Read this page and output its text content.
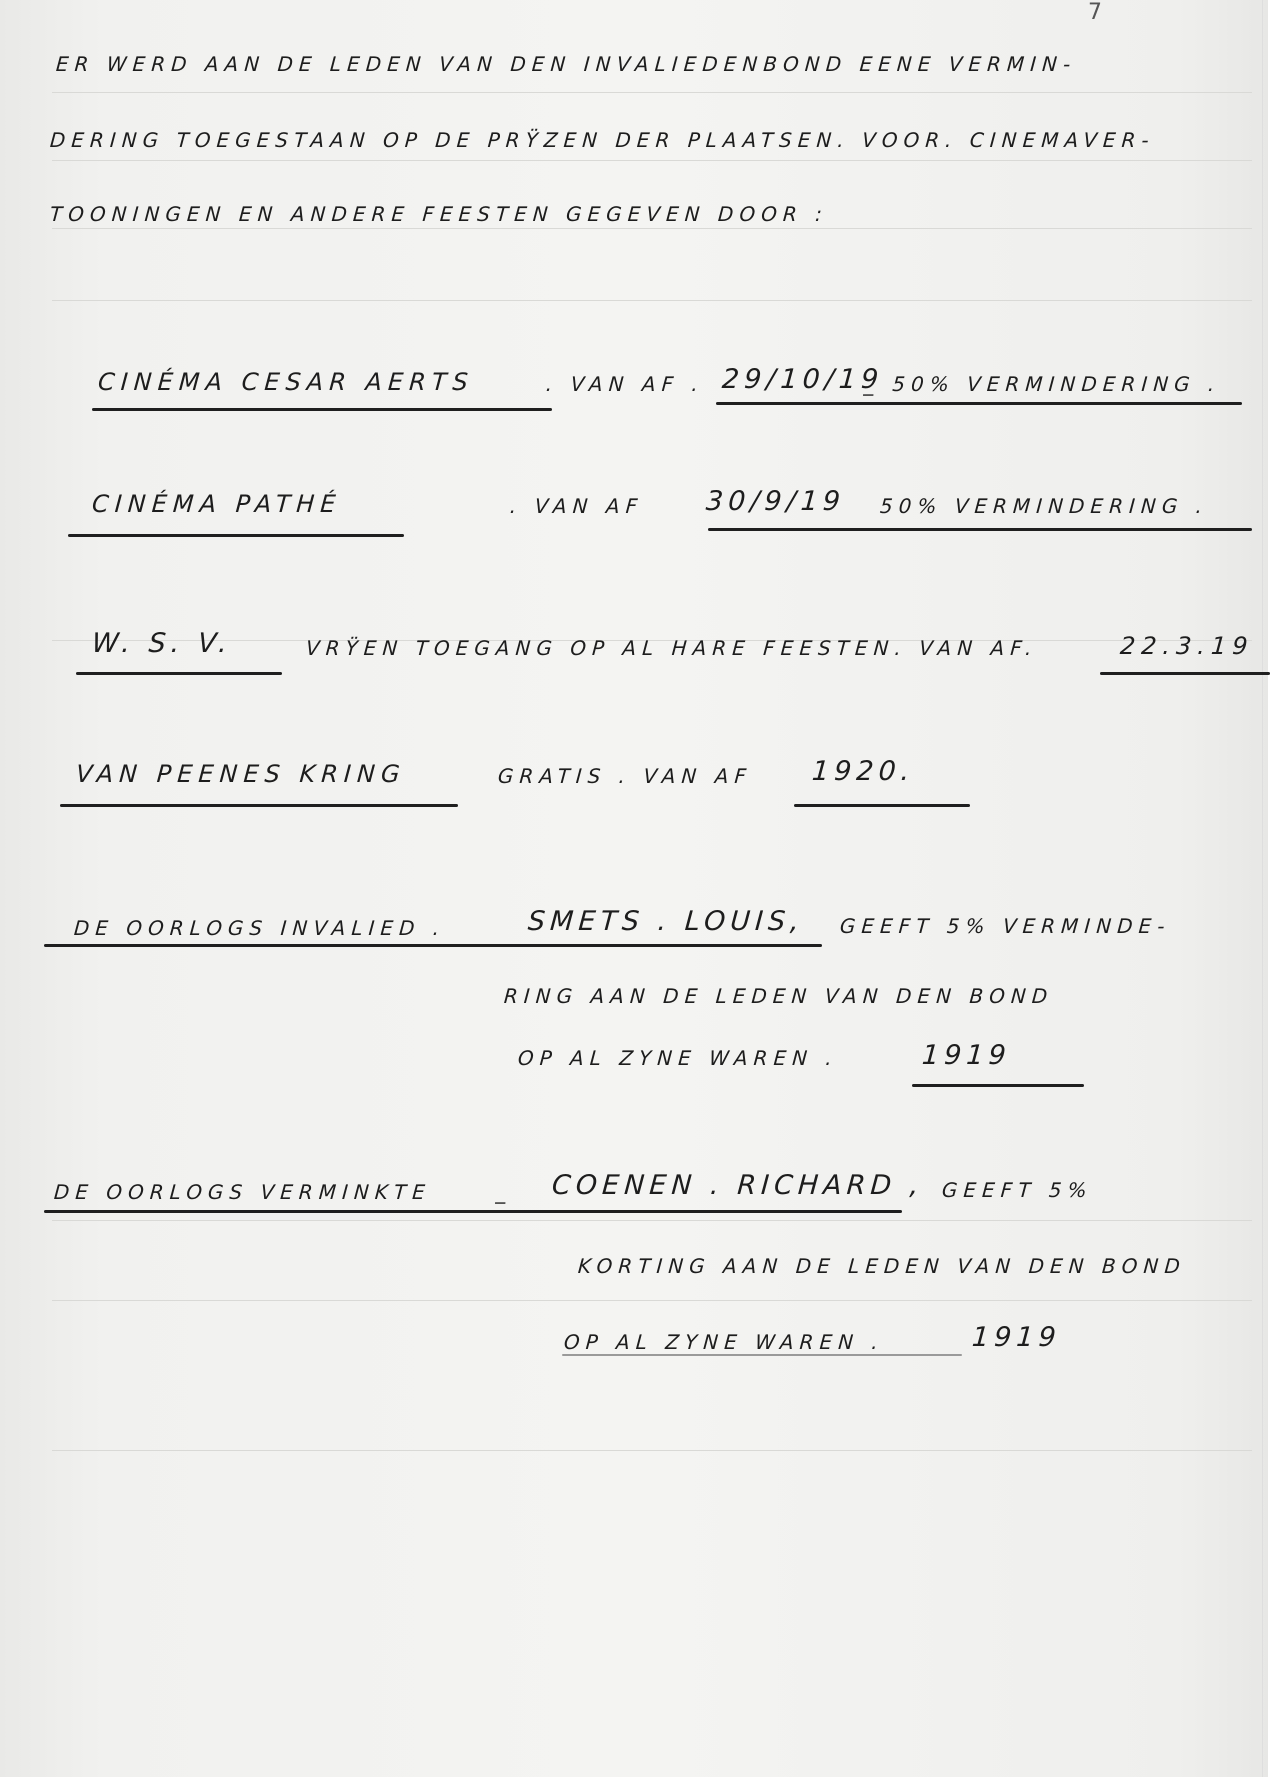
7
ER WERD AAN DE LEDEN VAN DEN INVALIEDENBOND EENE VERMIN-
DERING TOEGESTAAN OP DE PRŸZEN DER PLAATSEN. VOOR. CINEMAVER-
TOONINGEN EN ANDERE FEESTEN GEGEVEN DOOR :
CINÉMA CESAR AERTS	. VAN AF . 29/10/19
_ 50% VERMINDERING .
CINÉMA PATHÉ	. VAN AF 30/9/19 50% VERMINDERING .
W. S. V.	VRŸEN TOEGANG OP AL HARE FEESTEN. VAN AF.	22.3.19
VAN PEENES KRING	GRATIS . VAN AF 1920.
DE OORLOGS INVALIED .	SMETS . LOUIS, GEEFT 5% VERMINDE-
RING AAN DE LEDEN VAN DEN BOND
OP AL ZYNE WAREN .	1919
DE OORLOGS VERMINKTE	_ COENEN . RICHARD , GEEFT 5%
KORTING AAN DE LEDEN VAN DEN BOND
OP AL ZYNE WAREN .	1919
